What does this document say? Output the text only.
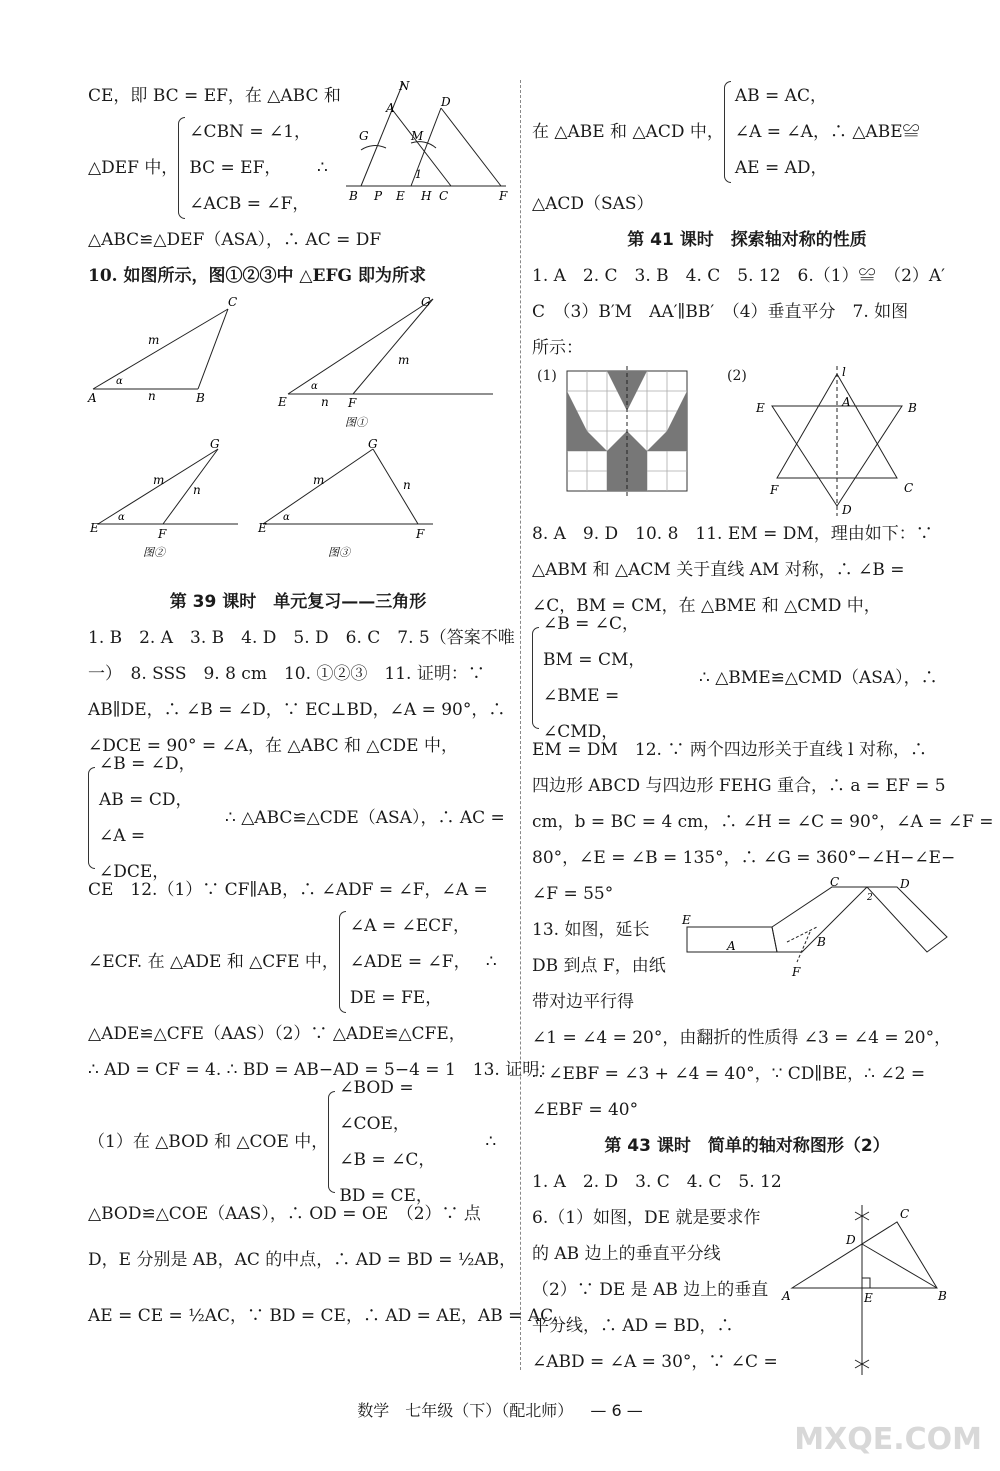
CE，即 BC = EF，在 △ABC 和
△DEF 中，
∠CBN = ∠1，
BC = EF，
∠ACB = ∠F，
∴
N
D
A
G	M
B P E H C	F
1
△ABC≌△DEF（ASA），∴ AC = DF
10. 如图所示，图①②③中 △EFG 即为所求
A	B
C
m
n
α
E	F
G
m
n
α
图①
E	F
G
m
n
α
图②
E	F
G
m	n
α
图③
第 39 课时　单元复习——三角形
1. B　2. A　3. B　4. D　5. D　6. C　7. 5（答案不唯
一）　8. SSS　9. 8 cm　10. ①②③　11. 证明：∵
AB∥DE，∴ ∠B = ∠D，∵ EC⊥BD，∠A = 90°，∴
∠DCE = 90° = ∠A，在 △ABC 和 △CDE 中，
∠B = ∠D，
AB = CD，
∠A = ∠DCE，
∴ △ABC≌△CDE（ASA），∴ AC =
CE　12.（1）∵ CF∥AB，∴ ∠ADF = ∠F，∠A =
∠ECF. 在 △ADE 和 △CFE 中，
∠A = ∠ECF，
∠ADE = ∠F，
DE = FE，
∴
△ADE≌△CFE（AAS）（2）∵ △ADE≌△CFE，
∴ AD = CF = 4. ∴ BD = AB−AD = 5−4 = 1　13. 证明：
（1）在 △BOD 和 △COE 中，
∠BOD = ∠COE，
∠B = ∠C，
BD = CE，
∴
△BOD≌△COE（AAS），∴ OD = OE　（2）∵ 点
D，E 分别是 AB，AC 的中点，∴ AD = BD = ½AB，
AE = CE = ½AC，∵ BD = CE，∴ AD = AE，AB = AC，
在 △ABE 和 △ACD 中，
AB = AC，
∠A = ∠A，∴ △ABE≌
AE = AD，
△ACD（SAS）
第 41 课时　探索轴对称的性质
1. A　2. C　3. B　4. C　5. 12　6.（1）≌　（2）A′
C　（3）B′M　AA′∥BB′　（4）垂直平分　7. 如图
所示：
(1)	(2)	l
A
E	B
F	C
D
8. A　9. D　10. 8　11. EM = DM，理由如下：∵
△ABM 和 △ACM 关于直线 AM 对称，∴ ∠B =
∠C，BM = CM，在 △BME 和 △CMD 中，
∠B = ∠C，
BM = CM，
∠BME = ∠CMD，
∴ △BME≌△CMD（ASA），∴
EM = DM　12. ∵ 两个四边形关于直线 l 对称，∴
四边形 ABCD 与四边形 FEHG 重合，∴ a = EF = 5
cm，b = BC = 4 cm，∴ ∠H = ∠C = 90°，∠A = ∠F =
80°，∠E = ∠B = 135°，∴ ∠G = 360°−∠H−∠E−
∠F = 55°
13. 如图，延长
DB 到点 F，由纸
带对边平行得
E
A
C	D
B
F
2
∠1 = ∠4 = 20°，由翻折的性质得 ∠3 = ∠4 = 20°，
∴ ∠EBF = ∠3 + ∠4 = 40°，∵ CD∥BE，∴ ∠2 =
∠EBF = 40°
第 43 课时　简单的轴对称图形（2）
1. A　2. D　3. C　4. C　5. 12
6.（1）如图，DE 就是要求作
的 AB 边上的垂直平分线
（2）∵ DE 是 AB 边上的垂直
平分线，∴ AD = BD，∴
∠ABD = ∠A = 30°，∵ ∠C =
C
D
A	E	B
数学　七年级（下）（配北师） — 6 —
MXQE.COM
